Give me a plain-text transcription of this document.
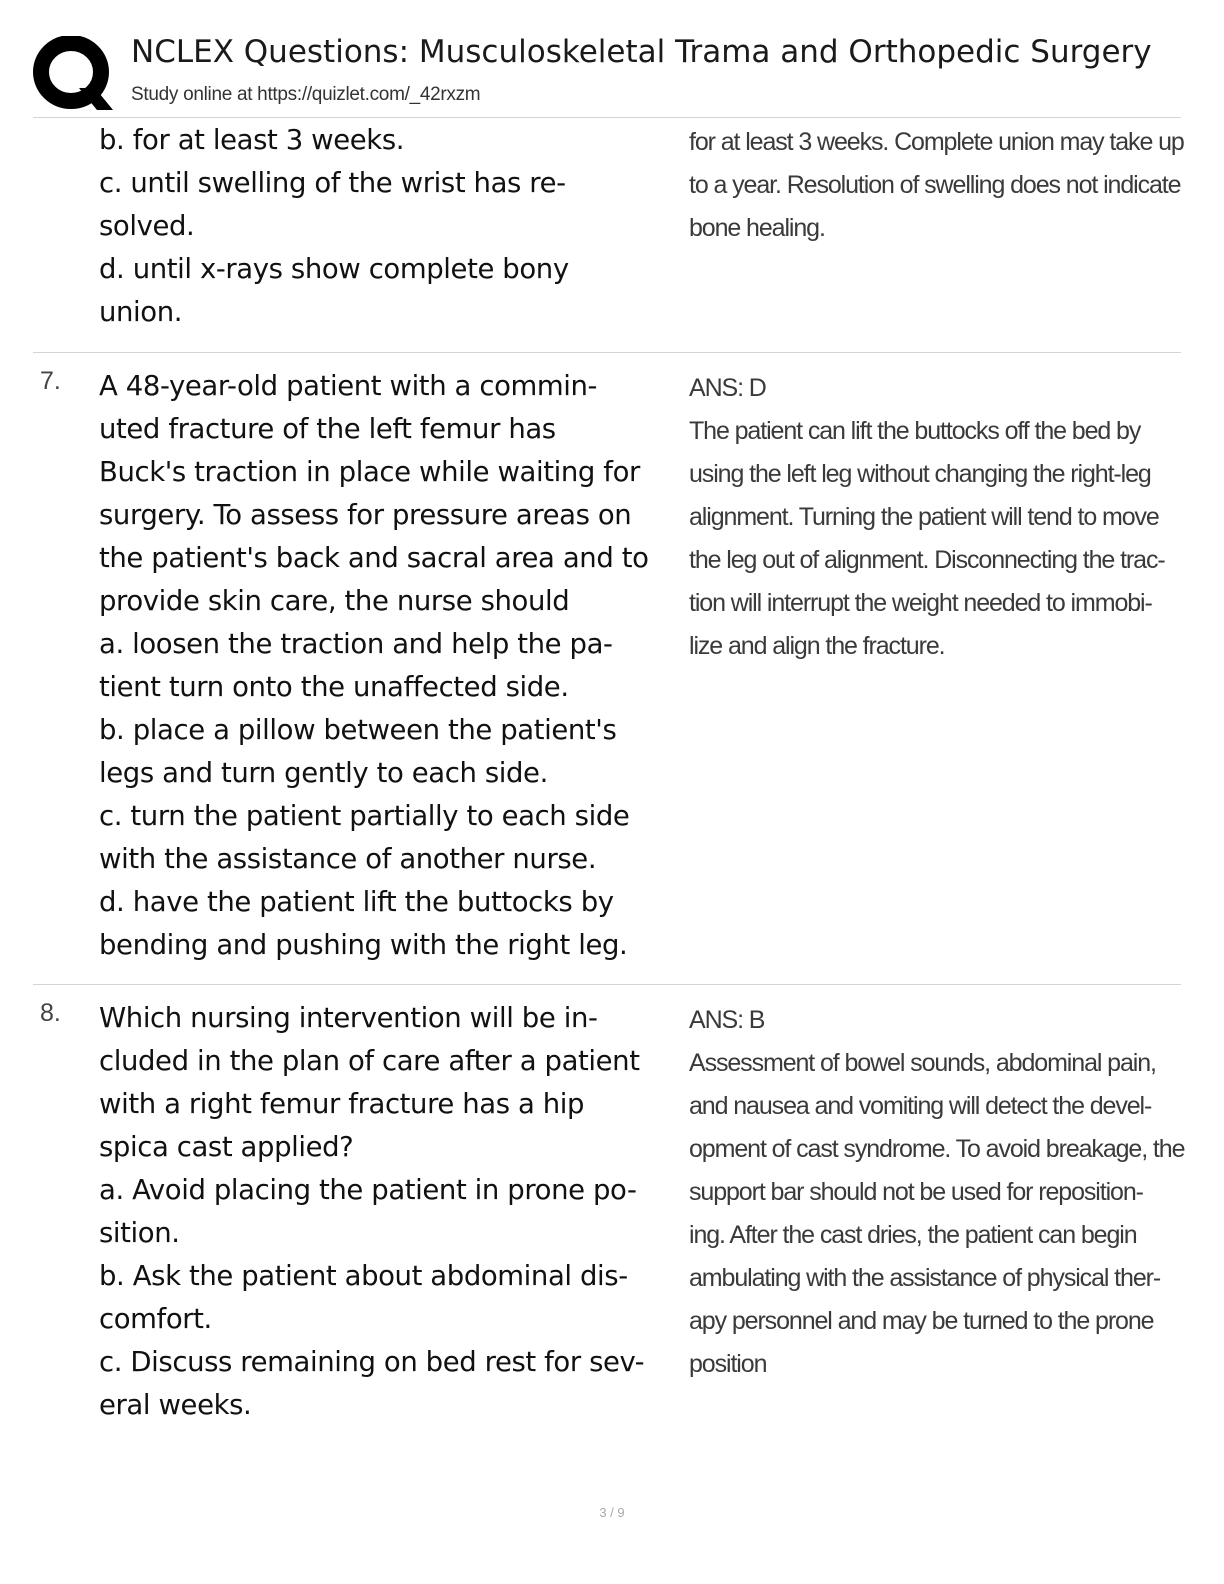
NCLEX Questions: Musculoskeletal Trama and Orthopedic Surgery
Study online at https://quizlet.com/_42rxzm
b. for at least 3 weeks.
c. until swelling of the wrist has re-
solved.
d. until x-rays show complete bony
union.
for at least 3 weeks. Complete union may take up
to a year. Resolution of swelling does not indicate
bone healing.
7.	A 48-year-old patient with a commin-
uted fracture of the left femur has
Buck's traction in place while waiting for
surgery. To assess for pressure areas on
the patient's back and sacral area and to
provide skin care, the nurse should
a. loosen the traction and help the pa-
tient turn onto the unaffected side.
b. place a pillow between the patient's
legs and turn gently to each side.
c. turn the patient partially to each side
with the assistance of another nurse.
d. have the patient lift the buttocks by
bending and pushing with the right leg.
ANS: D
The patient can lift the buttocks off the bed by
using the left leg without changing the right-leg
alignment. Turning the patient will tend to move
the leg out of alignment. Disconnecting the trac-
tion will interrupt the weight needed to immobi-
lize and align the fracture.
8.	Which nursing intervention will be in-
cluded in the plan of care after a patient
with a right femur fracture has a hip
spica cast applied?
a. Avoid placing the patient in prone po-
sition.
b. Ask the patient about abdominal dis-
comfort.
c. Discuss remaining on bed rest for sev-
eral weeks.
ANS: B
Assessment of bowel sounds, abdominal pain,
and nausea and vomiting will detect the devel-
opment of cast syndrome. To avoid breakage, the
support bar should not be used for reposition-
ing. After the cast dries, the patient can begin
ambulating with the assistance of physical ther-
apy personnel and may be turned to the prone
position
3 / 9
